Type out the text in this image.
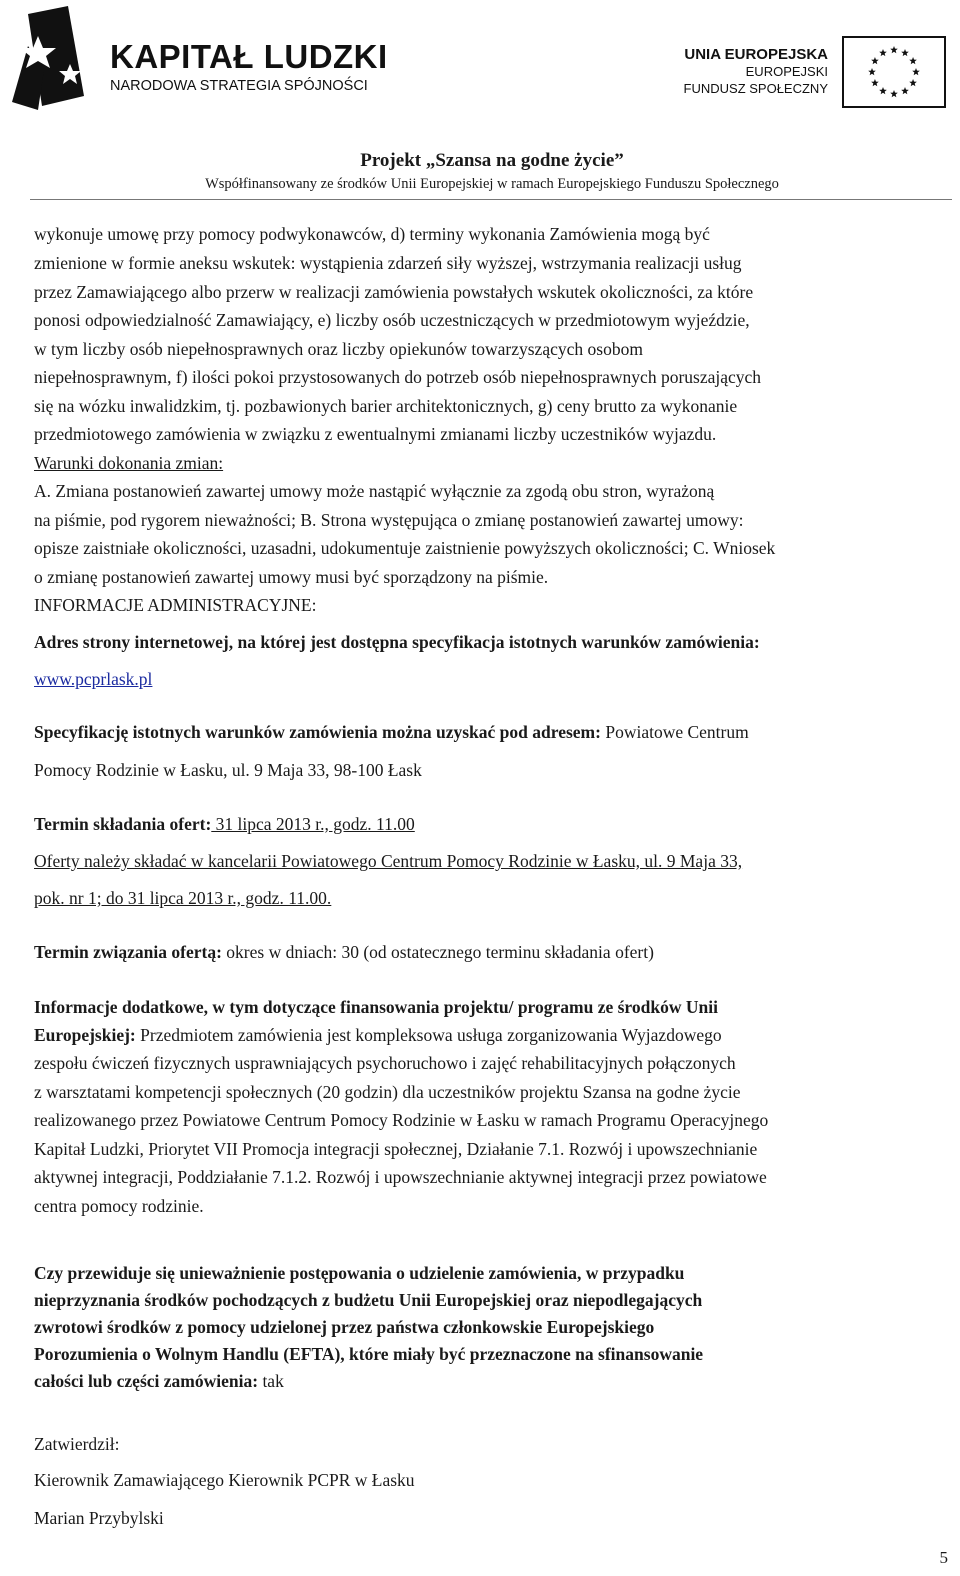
KAPITAŁ LUDZKI
NARODOWA STRATEGIA SPÓJNOŚCI
UNIA EUROPEJSKA
EUROPEJSKI
FUNDUSZ SPOŁECZNY
Projekt „Szansa na godne życie”
Współfinansowany ze środków Unii Europejskiej w ramach Europejskiego Funduszu Społecznego
wykonuje umowę przy pomocy podwykonawców, d) terminy wykonania Zamówienia mogą być
zmienione w formie aneksu wskutek: wystąpienia zdarzeń siły wyższej, wstrzymania realizacji usług
przez Zamawiającego albo przerw w realizacji zamówienia powstałych wskutek okoliczności, za które
ponosi odpowiedzialność Zamawiający, e) liczby osób uczestniczących w przedmiotowym wyjeździe,
w tym liczby osób niepełnosprawnych oraz liczby opiekunów towarzyszących osobom
niepełnosprawnym, f) ilości pokoi przystosowanych do potrzeb osób niepełnosprawnych poruszających
się na wózku inwalidzkim, tj. pozbawionych barier architektonicznych, g) ceny brutto za wykonanie
przedmiotowego zamówienia w związku z ewentualnymi zmianami liczby uczestników wyjazdu.
Warunki dokonania zmian:
A. Zmiana postanowień zawartej umowy może nastąpić wyłącznie za zgodą obu stron, wyrażoną
na piśmie, pod rygorem nieważności; B. Strona występująca o zmianę postanowień zawartej umowy:
opisze zaistniałe okoliczności, uzasadni, udokumentuje zaistnienie powyższych okoliczności; C. Wniosek
o zmianę postanowień zawartej umowy musi być sporządzony na piśmie.
INFORMACJE ADMINISTRACYJNE:
Adres strony internetowej, na której jest dostępna specyfikacja istotnych warunków zamówienia:
www.pcprlask.pl
Specyfikację istotnych warunków zamówienia można uzyskać pod adresem: Powiatowe Centrum
Pomocy Rodzinie w Łasku, ul. 9 Maja 33, 98-100 Łask
Termin składania ofert: 31 lipca 2013 r., godz. 11.00
Oferty należy składać w kancelarii Powiatowego Centrum Pomocy Rodzinie w Łasku, ul. 9 Maja 33,
pok. nr 1; do 31 lipca 2013 r., godz. 11.00.
Termin związania ofertą: okres w dniach: 30 (od ostatecznego terminu składania ofert)
Informacje dodatkowe, w tym dotyczące finansowania projektu/ programu ze środków Unii
Europejskiej: Przedmiotem zamówienia jest kompleksowa usługa zorganizowania Wyjazdowego
zespołu ćwiczeń fizycznych usprawniających psychoruchowo i zajęć rehabilitacyjnych połączonych
z warsztatami kompetencji społecznych (20 godzin) dla uczestników projektu Szansa na godne życie
realizowanego przez Powiatowe Centrum Pomocy Rodzinie w Łasku w ramach Programu Operacyjnego
Kapitał Ludzki, Priorytet VII Promocja integracji społecznej, Działanie 7.1. Rozwój i upowszechnianie
aktywnej integracji, Poddziałanie 7.1.2. Rozwój i upowszechnianie aktywnej integracji przez powiatowe
centra pomocy rodzinie.
Czy przewiduje się unieważnienie postępowania o udzielenie zamówienia, w przypadku
nieprzyznania środków pochodzących z budżetu Unii Europejskiej oraz niepodlegających
zwrotowi środków z pomocy udzielonej przez państwa członkowskie Europejskiego
Porozumienia o Wolnym Handlu (EFTA), które miały być przeznaczone na sfinansowanie
całości lub części zamówienia: tak
Zatwierdził:
Kierownik Zamawiającego Kierownik PCPR w Łasku
Marian Przybylski
5
